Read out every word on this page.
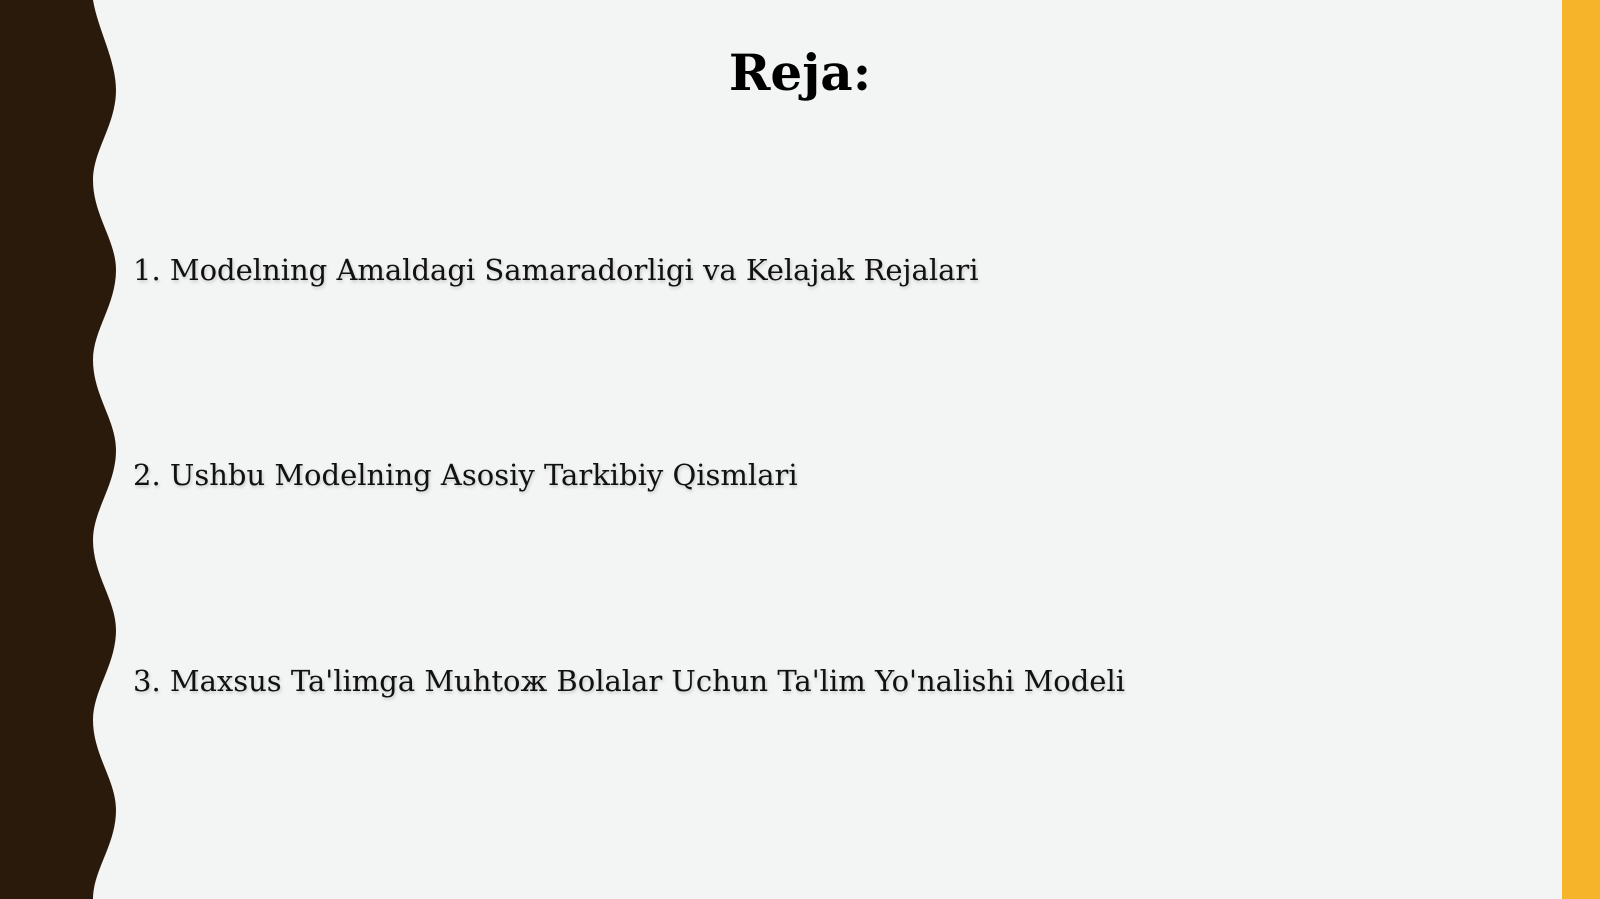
Reja:

1. Modelning Amaldagi Samaradorligi va Kelajak Rejalari

2. Ushbu Modelning Asosiy Tarkibiy Qismlari

3. Maxsus Ta'limga Muhtoж Bolalar Uchun Ta'lim Yo'nalishi Modeli
